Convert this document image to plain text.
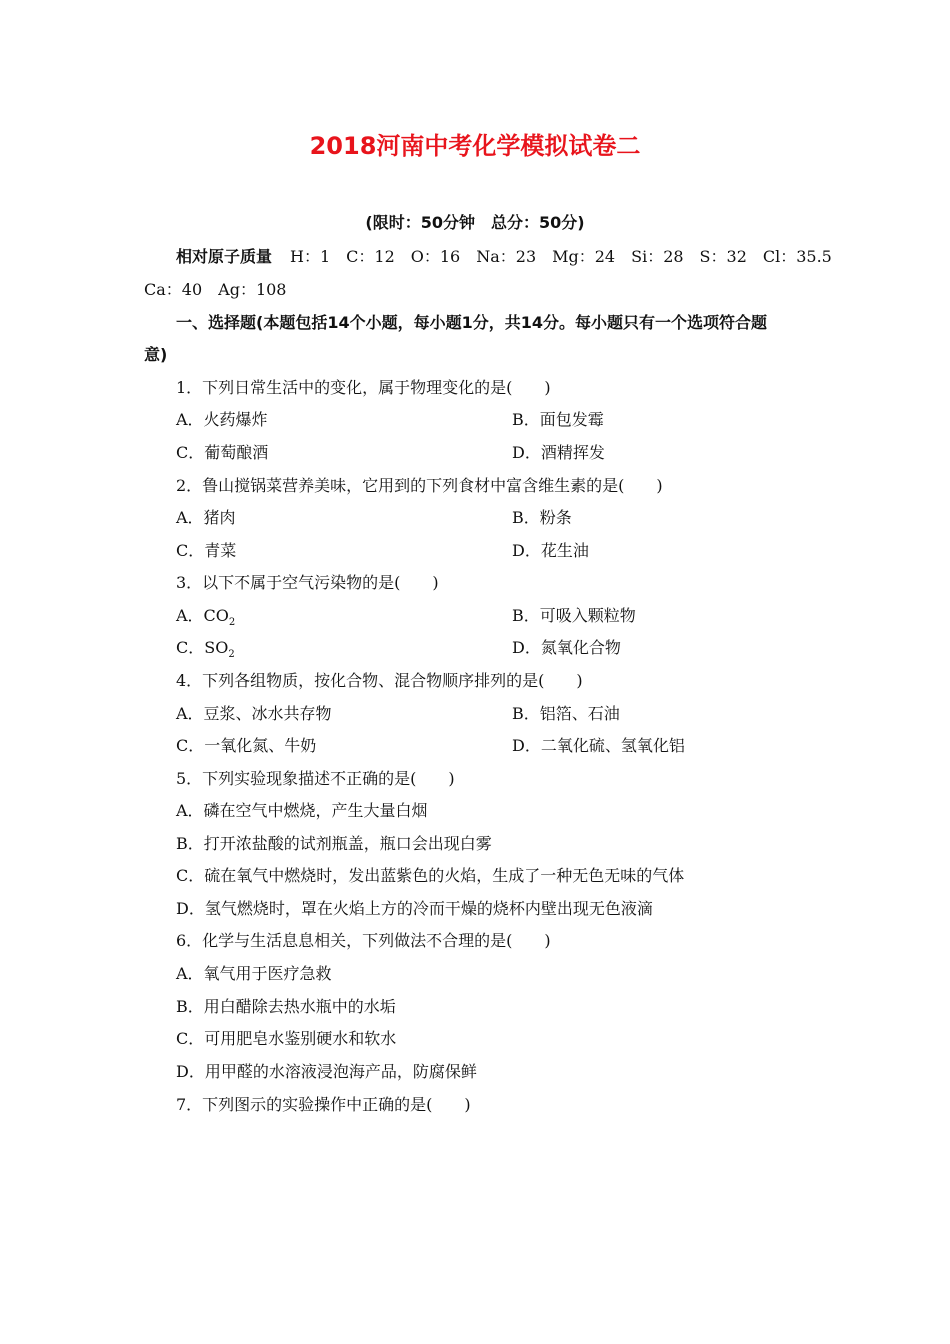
2018河南中考化学模拟试卷二
(限时：50分钟　总分：50分)
相对原子质量 H：1　C：12　O：16　Na：23　Mg：24　Si：28　S：32　Cl：35.5
Ca：40　Ag：108
一、选择题(本题包括14个小题，每小题1分，共14分。每小题只有一个选项符合题
意)
1．下列日常生活中的变化，属于物理变化的是(　　)
A．火药爆炸	B．面包发霉
C．葡萄酿酒	D．酒精挥发
2．鲁山搅锅菜营养美味，它用到的下列食材中富含维生素的是(　　)
A．猪肉	B．粉条
C．青菜	D．花生油
3．以下不属于空气污染物的是(　　)
A．$CO_2$	B．可吸入颗粒物
C．$SO_2$	D．氮氧化合物
4．下列各组物质，按化合物、混合物顺序排列的是(　　)
A．豆浆、冰水共存物	B．铝箔、石油
C．一氧化氮、牛奶	D．二氧化硫、氢氧化铝
5．下列实验现象描述不正确的是(　　)
A．磷在空气中燃烧，产生大量白烟
B．打开浓盐酸的试剂瓶盖，瓶口会出现白雾
C．硫在氧气中燃烧时，发出蓝紫色的火焰，生成了一种无色无味的气体
D．氢气燃烧时，罩在火焰上方的冷而干燥的烧杯内壁出现无色液滴
6．化学与生活息息相关，下列做法不合理的是(　　)
A．氧气用于医疗急救
B．用白醋除去热水瓶中的水垢
C．可用肥皂水鉴别硬水和软水
D．用甲醛的水溶液浸泡海产品，防腐保鲜
7．下列图示的实验操作中正确的是(　　)
